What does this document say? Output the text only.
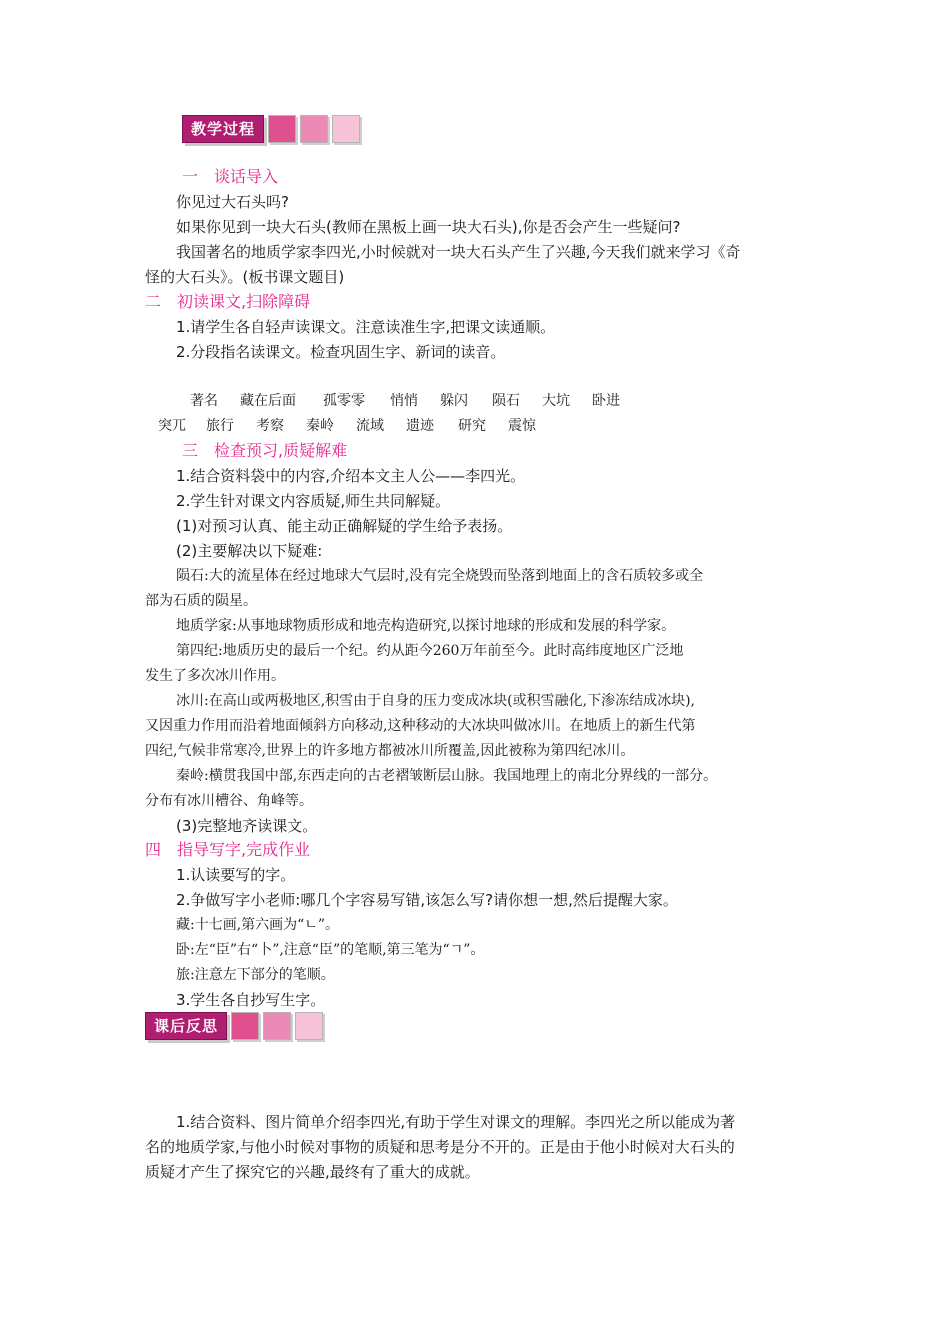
教学过程
一　谈话导入
你见过大石头吗?
如果你见到一块大石头(教师在黑板上画一块大石头),你是否会产生一些疑问?
我国著名的地质学家李四光,小时候就对一块大石头产生了兴趣,今天我们就来学习《奇
怪的大石头》。(板书课文题目)
二　初读课文,扫除障碍
1.请学生各自轻声读课文。注意读准生字,把课文读通顺。
2.分段指名读课文。检查巩固生字、新词的读音。
著名 藏在后面 孤零零 悄悄 躲闪 陨石 大坑 卧进
突兀 旅行 考察 秦岭 流域 遗迹 研究 震惊
三　检查预习,质疑解难
1.结合资料袋中的内容,介绍本文主人公——李四光。
2.学生针对课文内容质疑,师生共同解疑。
(1)对预习认真、能主动正确解疑的学生给予表扬。
(2)主要解决以下疑难:
陨石:大的流星体在经过地球大气层时,没有完全烧毁而坠落到地面上的含石质较多或全
部为石质的陨星。
地质学家:从事地球物质形成和地壳构造研究,以探讨地球的形成和发展的科学家。
第四纪:地质历史的最后一个纪。约从距今260万年前至今。此时高纬度地区广泛地
发生了多次冰川作用。
冰川:在高山或两极地区,积雪由于自身的压力变成冰块(或积雪融化,下渗冻结成冰块),
又因重力作用而沿着地面倾斜方向移动,这种移动的大冰块叫做冰川。在地质上的新生代第
四纪,气候非常寒冷,世界上的许多地方都被冰川所覆盖,因此被称为第四纪冰川。
秦岭:横贯我国中部,东西走向的古老褶皱断层山脉。我国地理上的南北分界线的一部分。
分布有冰川槽谷、角峰等。
(3)完整地齐读课文。
四　指导写字,完成作业
1.认读要写的字。
2.争做写字小老师:哪几个字容易写错,该怎么写?请你想一想,然后提醒大家。
藏:十七画,第六画为“ㄴ”。
卧:左“臣”右“卜”,注意“臣”的笔顺,第三笔为“ㄱ”。
旅:注意左下部分的笔顺。
3.学生各自抄写生字。
课后反思
1.结合资料、图片简单介绍李四光,有助于学生对课文的理解。李四光之所以能成为著
名的地质学家,与他小时候对事物的质疑和思考是分不开的。正是由于他小时候对大石头的
质疑才产生了探究它的兴趣,最终有了重大的成就。
